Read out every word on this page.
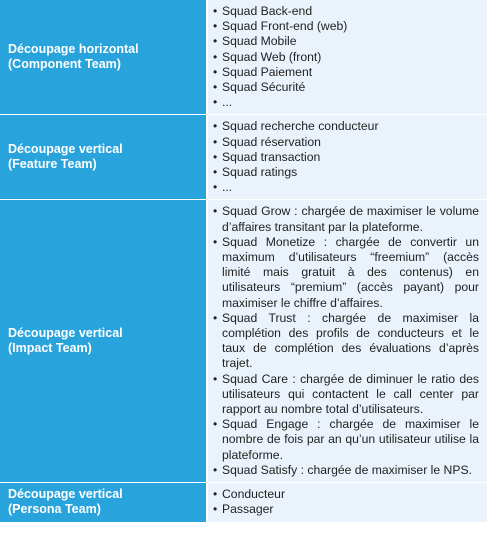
Découpage horizontal
(Component Team)
• Squad Back-end
• Squad Front-end (web)
• Squad Mobile
• Squad Web (front)
• Squad Paiement
• Squad Sécurité
• ...
Découpage vertical
(Feature Team)
• Squad recherche conducteur
• Squad réservation
• Squad transaction
• Squad ratings
• ...
Découpage vertical
(Impact Team)
• Squad Grow : chargée de maximiser le volume d’affaires transitant par la plateforme.
• Squad Monetize : chargée de convertir un maximum d’utilisateurs “freemium” (accès limité mais gratuit à des contenus) en utilisateurs “premium” (accès payant) pour maximiser le chiffre d’affaires.
• Squad Trust : chargée de maximiser la complétion des profils de conducteurs et le taux de complétion des évaluations d’après trajet.
• Squad Care : chargée de diminuer le ratio des utilisateurs qui contactent le call center par rapport au nombre total d’utilisateurs.
• Squad Engage : chargée de maximiser le nombre de fois par an qu’un utilisateur utilise la plateforme.
• Squad Satisfy : chargée de maximiser le NPS.
Découpage vertical
(Persona Team)
• Conducteur
• Passager
